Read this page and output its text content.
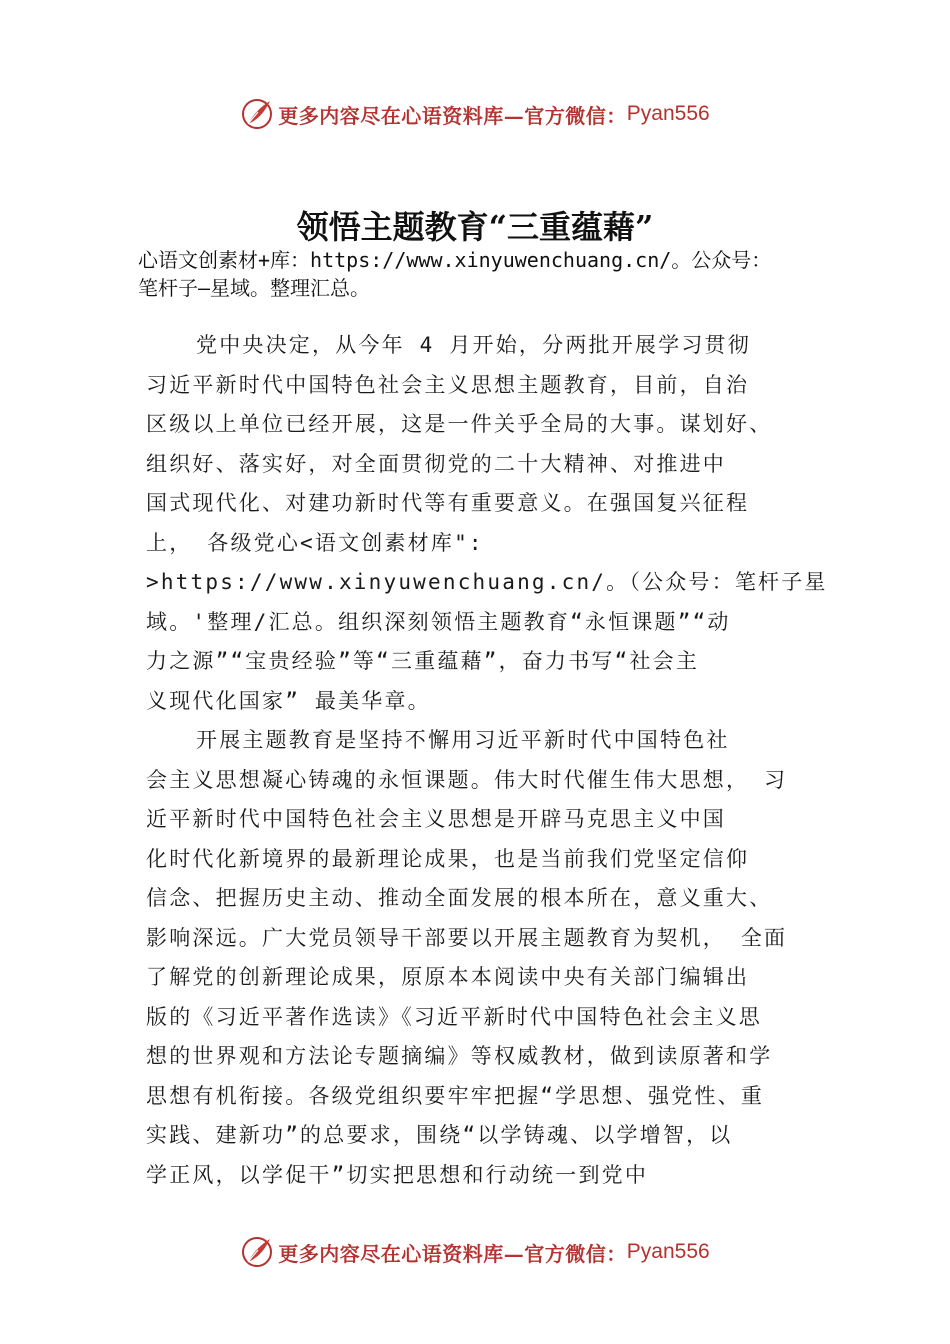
更多内容尽在心语资料库—官方微信： Pyan556
领悟主题教育“三重蕴藉”
心语文创素材+库：https://www.xinyuwenchuang.cn/。公众号：
笔杆子—星域。整理汇总。
党中央决定，从今年 4 月开始，分两批开展学习贯彻
习近平新时代中国特色社会主义思想主题教育，目前，自治
区级以上单位已经开展，这是一件关乎全局的大事。谋划好、
组织好、落实好，对全面贯彻党的二十大精神、对推进中
国式现代化、对建功新时代等有重要意义。在强国复兴征程
上， 各级党心<语文创素材库":
>https://www.xinyuwenchuang.cn/。（公众号：笔杆子星
域。'整理/汇总。组织深刻领悟主题教育“永恒课题”“动
力之源”“宝贵经验”等“三重蕴藉”，奋力书写“社会主
义现代化国家” 最美华章。
开展主题教育是坚持不懈用习近平新时代中国特色社
会主义思想凝心铸魂的永恒课题。伟大时代催生伟大思想， 习
近平新时代中国特色社会主义思想是开辟马克思主义中国
化时代化新境界的最新理论成果，也是当前我们党坚定信仰
信念、把握历史主动、推动全面发展的根本所在，意义重大、
影响深远。广大党员领导干部要以开展主题教育为契机， 全面
了解党的创新理论成果，原原本本阅读中央有关部门编辑出
版的《习近平著作选读》《习近平新时代中国特色社会主义思
想的世界观和方法论专题摘编》等权威教材，做到读原著和学
思想有机衔接。各级党组织要牢牢把握“学思想、强党性、重
实践、建新功”的总要求，围绕“以学铸魂、以学增智，以
学正风，以学促干”切实把思想和行动统一到党中
更多内容尽在心语资料库—官方微信： Pyan556
